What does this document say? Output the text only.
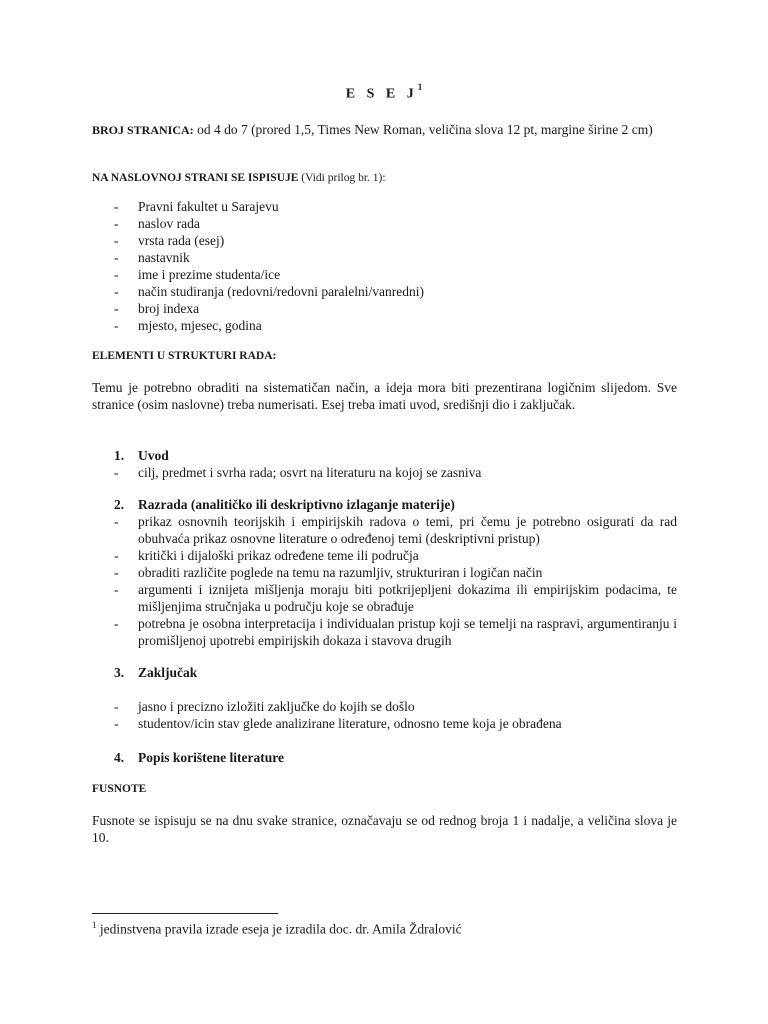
E S E $J^1$
BROJ STRANICA: od 4 do 7 (prored 1,5, Times New Roman, veličina slova 12 pt, margine širine 2 cm)
NA NASLOVNOJ STRANI SE ISPISUJE (Vidi prilog br. 1):
- Pravni fakultet u Sarajevu
- naslov rada
- vrsta rada (esej)
- nastavnik
- ime i prezime studenta/ice
- način studiranja (redovni/redovni paralelni/vanredni)
- broj indexa
- mjesto, mjesec, godina
ELEMENTI U STRUKTURI RADA:
Temu je potrebno obraditi na sistematičan način, a ideja mora biti prezentirana logičnim slijedom. Sve stranice (osim naslovne) treba numerisati. Esej treba imati uvod, središnji dio i zaključak.
1. Uvod
- cilj, predmet i svrha rada; osvrt na literaturu na kojoj se zasniva
2. Razrada (analitičko ili deskriptivno izlaganje materije)
- prikaz osnovnih teorijskih i empirijskih radova o temi, pri čemu je potrebno osigurati da rad obuhvaća prikaz osnovne literature o određenoj temi (deskriptivni pristup)
- kritički i dijaloški prikaz određene teme ili područja
- obraditi različite poglede na temu na razumljiv, strukturiran i logičan način
- argumenti i iznijeta mišljenja moraju biti potkrijepljeni dokazima ili empirijskim podacima, te mišljenjima stručnjaka u području koje se obrađuje
- potrebna je osobna interpretacija i individualan pristup koji se temelji na raspravi, argumentiranju i promišljenoj upotrebi empirijskih dokaza i stavova drugih
3. Zaključak
- jasno i precizno izložiti zaključke do kojih se došlo
- studentov/icin stav glede analizirane literature, odnosno teme koja je obrađena
4. Popis korištene literature
FUSNOTE
Fusnote se ispisuju se na dnu svake stranice, označavaju se od rednog broja 1 i nadalje, a veličina slova je 10.
$^1$ jedinstvena pravila izrade eseja je izradila doc. dr. Amila Ždralović
